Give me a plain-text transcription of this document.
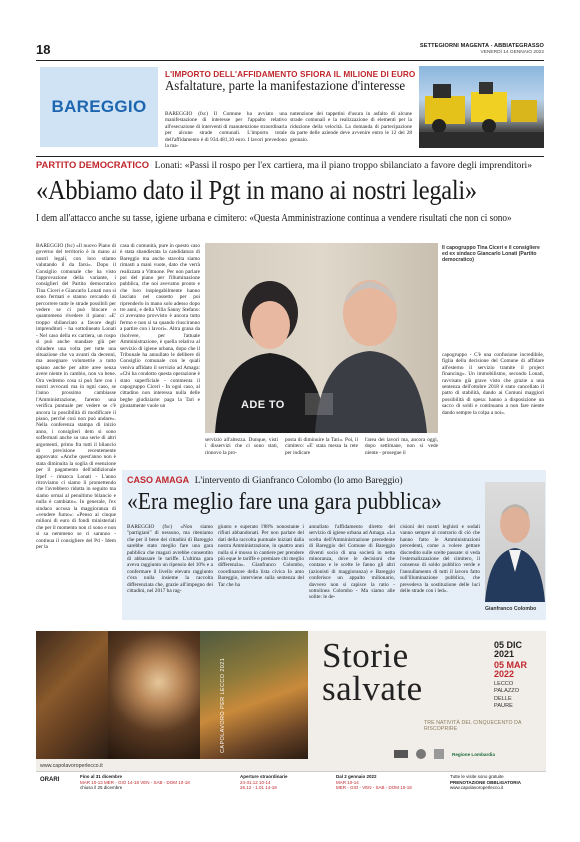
18	SETTEGIORNI MAGENTA - ABBIATEGRASSO
VENERDÌ 14 GENNAIO 2022
BAREGGIO
L'IMPORTO DELL'AFFIDAMENTO SFIORA IL MILIONE DI EURO
Asfaltature, parte la manifestazione d'interesse
BAREGGIO (fsc) Il Comune ha avviato una manifestazione di interesse per l'appalto relativo all'esecuzione di interventi di manutenzione straordinaria per alcune strade comunali. L'importo totale dell'affidamento è di 934.481,10 euro. I lavori prevedono la ma-
nutenzione dei tappetini d'usura in asfalto di alcune strade comunali e la realizzazione di elementi per la riduzione della velocità. La domanda di partecipazione da parte delle aziende deve avvenire entro le 12 del 28 gennaio.
PARTITO DEMOCRATICO Lonati: «Passi il rospo per l'ex cartiera, ma il piano troppo sbilanciato a favore degli imprenditori»
«Abbiamo dato il Pgt in mano ai nostri legali»
I dem all'attacco anche su tasse, igiene urbana e cimitero: «Questa Amministrazione continua a vendere risultati che non ci sono»
BAREGGIO (fsc) «Il nuovo Piano di governo del territorio è in mano ai nostri legali, con loro stiamo valutando il da farsi». Dopo il Consiglio comunale che ha visto l'approvazione della variante, i consiglieri del Partito democratico Tina Ciceri e Giancarlo Lonati non si sono fermati e stanno cercando di percorrere tutte le strade possibili per vedere se ci può blocare o quantomeno rivedere il piano: «E' troppo sbilanciato a favore degli imprenditori - ha sottolineato Lonati - Nel caso della ex cartiera, un rospo si può anche mandare giù per chiudere una volta per tutte una situazione che va avanti da decenni, ma assegnare volumetrie a tutto spiano anche per altre aree senza avere niente in cambio, non va bene. Ora vedremo cosa si può fare con i nostri avvocati ma in ogni caso, se l'anno prossimo cambiasse l'Amministrazione, faremo una verifica puntuale per vedere se c'è ancora la possibilità di modificare il piano, perché così non può andare». Nella conferenza stampa di inizio anno, i consiglieri dem si sono soffermati anche su una serie di altri argomenti, primo fra tutti il bilancio di previsione recentemente approvato: «Anche quest'anno non è stata diminuita la soglia di esenzione per il pagamento dell'addizionale Irpef - rimarca Lonati - L'anno ritroviamo ci siamo li promettendo che l'avrebbero ridotta in seguito ma siamo ormai al penultimo bilancio e nulla è cambiato». In generale, l'ex sindaco accusa la maggioranza di «vendere fumo»: «Penso ai cinque milioni di euro di fondi ministeriali che per il momento non ci sono e non si sa nemmeno se ci saranno - continua il consigliere del Pd - Idem per la
casa di comunità, pure in questo caso è stata sbandierata la candidatura di Bareggio ma anche stavolta siamo rimasti a mani vuote, dato che verrà realizzata a Vittuone. Per non parlare poi del piano per l'illuminazione pubblica, che noi avevamo pronto e che loro inspiegabilmente hanno lasciato nel cassetto per poi riprenderlo in mano solo adesso dopo tre anni, e della Villa Sanny Stefano: ci avevamo provvisto è ancora tutto fermo e non si sa quando riusciranno a partire con i lavori». Altra grana da risolvere, per l'attuale Amministrazione, è quella relativa al servizio di igiene urbana, dopo che il Tribunale ha annullato le delibere di Consiglio comunale con le quali veniva affidato il servizio ad Amaga: «Chi ha condotto questa operazione è stato superficiale - commenta il capogruppo Ciceri - In ogni caso, al cittadino non interessa nulla delle beghe giudiziarie: paga la Tari e giustamente vuole un	ADE TO
Il capogruppo Tina Cicerі e il consigliere ed ex sindaco Giancarlo Lonati (Partito democratico)
servizio all'altezza. Dunque, visti i disservizi che ci sono stati, rinnovo la pro-
posta di diminuire la Tari». Poi, il cimitero: «E' stata messa la rete per indicare
l'area dei lavori ma, ancora oggi, dopo settimane, non si vede niente - prosegue il
capogruppo - C'è una confusione incredibile, figlia della decisione del Comune di affidare all'esterno il servizio tramite il project financing». Un immobilismo, secondo Lonati, ravvisato già grave visto che grazie a una sentenza dell'ottobre 2018 è stato cancellato il patto di stabilità, dando ai Comuni maggiori possibilità di spesa: hanno a disposizione un sacco di soldi e continuano a non fare niente dando sempre la colpa a noi».
CASO AMAGA L'intervento di Gianfranco Colombo (lo amo Bareggio)
«Era meglio fare una gara pubblica»
BAREGGIO (fsc) «Non siamo "partigiani" di nessuno, ma riteniamo che per il bene dei cittadini di Bareggio sarebbe stato meglio fare una gara pubblica che magari avrebbe consentito di abbassare le tariffe. L'ultima gara aveva raggiunto un ripensio del 10% e a confermare il livello elevato raggiunto c'era nulla insieme la raccolta differenziata che, grazie all'impegno dei cittadini, nel 2017 ha rag-
giunto e superato l'88% nonostante i rifiuti abbandonati. Per non parlare del dati della raccolta puntuale iniziati dalla nostra Amministrazione, in quattro anni nulla si è mosso in cantiere per prendere più eque le tariffe e premiare chi meglio differenzia». Gianfranco Colombo, coordinatore della lista civica Io amo Bareggio, interviene sulla sentenza del Tar che ha
annullato l'affidamento diretto del servizio di igiene urbana ad Amaga. «La scelta dell'Amministrazione precedente di Bareggio del Comune di Bareggio diventi socio di una società in netta minoranza, dove le decisioni che contano e le scelte le fanno gli altri (azionisti di maggioranza) e Bareggio conferisce un appalto milionario, davvero non si capisce la ratio - sottolinea Colombo - Ma siamo alle solite: le de-
cisioni dei nostri leghisti e sodali vanno sempre al contrario di ciò che hanno fatto le Amministrazioni precedenti, come a volere gettare discredito sulle scelte passate: si veda l'esternalizzazione del cimitero, il consenso di soldo pubblico verde e l'annullamento di tutti il lavoro fatto sull'illuminazione pubblica, che prevedeva la sostituzione delle luci delle strade con i led».
Gianfranco Colombo
CAPOLAVORO PER LECCO 2021
www.capolavoroperlecco.it
Storie
salvate
TRE NATIVITÀ DEL CINQUECENTO DA RISCOPRIRE
05 DIC 2021
05 MAR 2022
LECCO
PALAZZO
DELLE
PAURE
Regione Lombardia
ORARI
Fino al 31 dicembre
MAR 10-13 MER - GIO 14-18 VEN - SAB - DOM 10-18
chiuso il 25 dicembre
Aperture straordinarie
24-31.12 10-14
26.12 - 1.01 14-18
Dal 2 gennaio 2022
MAR 10-14
MER - GIO - VEN - SAB - DOM 10-18
Tutte le visite sono gratuite
PRENOTAZIONE OBBLIGATORIA
www.capolavoroperlecco.it
